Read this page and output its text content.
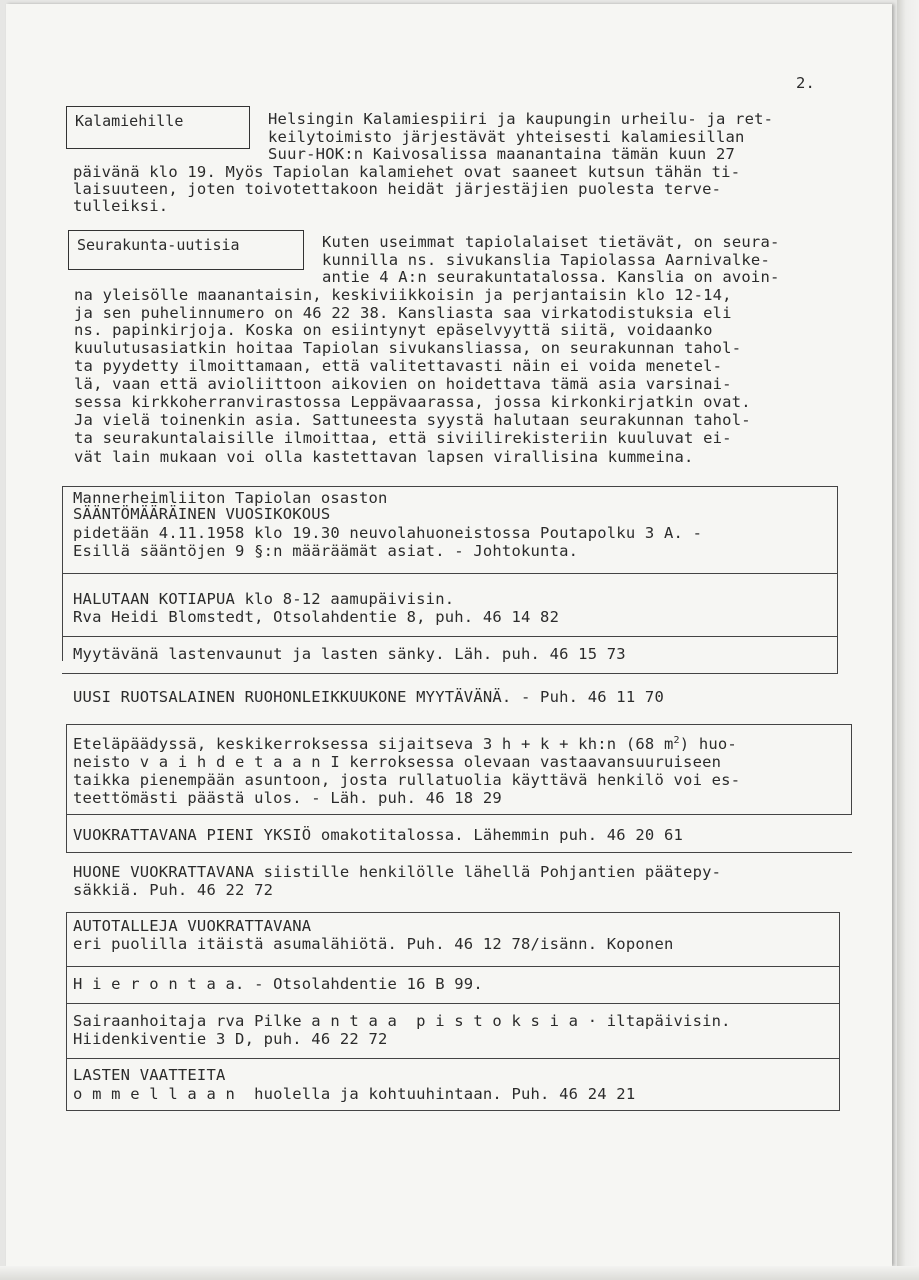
2.
Kalamiehille	Helsingin Kalamiespiiri ja kaupungin urheilu- ja ret-
keilytoimisto järjestävät yhteisesti kalamiesillan
Suur-HOK:n Kaivosalissa maanantaina tämän kuun 27
päivänä klo 19. Myös Tapiolan kalamiehet ovat saaneet kutsun tähän ti-
laisuuteen, joten toivotettakoon heidät järjestäjien puolesta terve-
tulleiksi.
Seurakunta-uutisia	Kuten useimmat tapiolalaiset tietävät, on seura-
kunnilla ns. sivukanslia Tapiolassa Aarnivalke-
antie 4 A:n seurakuntatalossa. Kanslia on avoin-
na yleisölle maanantaisin, keskiviikkoisin ja perjantaisin klo 12-14,
ja sen puhelinnumero on 46 22 38. Kansliasta saa virkatodistuksia eli
ns. papinkirjoja. Koska on esiintynyt epäselvyyttä siitä, voidaanko
kuulutusasiatkin hoitaa Tapiolan sivukansliassa, on seurakunnan tahol-
ta pyydetty ilmoittamaan, että valitettavasti näin ei voida menetel-
lä, vaan että avioliittoon aikovien on hoidettava tämä asia varsinai-
sessa kirkkoherranvirastossa Leppävaarassa, jossa kirkonkirjatkin ovat.
Ja vielä toinenkin asia. Sattuneesta syystä halutaan seurakunnan tahol-
ta seurakuntalaisille ilmoittaa, että siviilirekisteriin kuuluvat ei-
vät lain mukaan voi olla kastettavan lapsen virallisina kummeina.
Mannerheimliiton Tapiolan osaston
SÄÄNTÖMÄÄRÄINEN VUOSIKOKOUS
pidetään 4.11.1958 klo 19.30 neuvolahuoneistossa Poutapolku 3 A. -
Esillä sääntöjen 9 §:n määräämät asiat. - Johtokunta.
HALUTAAN KOTIAPUA klo 8-12 aamupäivisin.
Rva Heidi Blomstedt, Otsolahdentie 8, puh. 46 14 82
Myytävänä lastenvaunut ja lasten sänky. Läh. puh. 46 15 73
UUSI RUOTSALAINEN RUOHONLEIKKUUKONE MYYTÄVÄNÄ. - Puh. 46 11 70
Eteläpäädyssä, keskikerroksessa sijaitseva 3 h + k + kh:n (68 $m^2$) huo-
neisto v a i h d e t a a n I kerroksessa olevaan vastaavansuuruiseen
taikka pienempään asuntoon, josta rullatuolia käyttävä henkilö voi es-
teettömästi päästä ulos. - Läh. puh. 46 18 29
VUOKRATTAVANA PIENI YKSIÖ omakotitalossa. Lähemmin puh. 46 20 61
HUONE VUOKRATTAVANA siistille henkilölle lähellä Pohjantien päätepy-
säkkiä. Puh. 46 22 72
AUTOTALLEJA VUOKRATTAVANA
eri puolilla itäistä asumalähiötä. Puh. 46 12 78/isänn. Koponen
H i e r o n t a a. - Otsolahdentie 16 B 99.
Sairaanhoitaja rva Pilke a n t a a  p i s t o k s i a · iltapäivisin.
Hiidenkiventie 3 D, puh. 46 22 72
LASTEN VAATTEITA
o m m e l l a a n  huolella ja kohtuuhintaan. Puh. 46 24 21
